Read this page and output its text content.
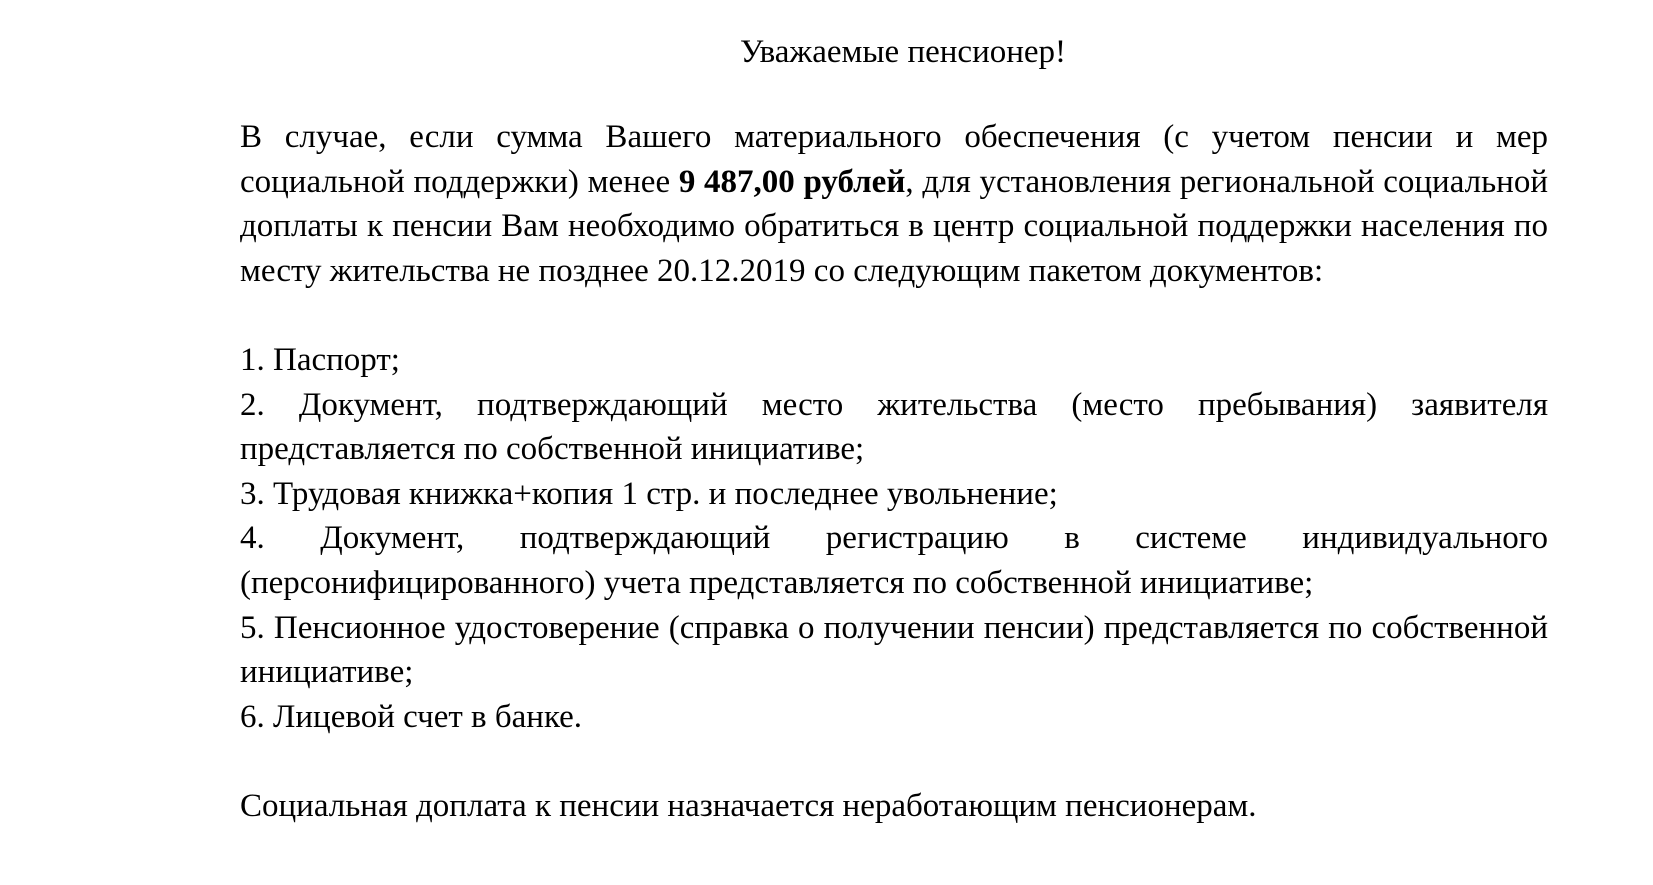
Уважаемые пенсионер!

В случае, если сумма Вашего материального обеспечения (с учетом пенсии и мер социальной поддержки) менее 9 487,00 рублей, для установления региональной социальной доплаты к пенсии Вам необходимо обратиться в центр социальной поддержки населения по месту жительства не позднее 20.12.2019 со следующим пакетом документов:

1. Паспорт;
2. Документ, подтверждающий место жительства (место пребывания) заявителя представляется по собственной инициативе;
3. Трудовая книжка+копия 1 стр. и последнее увольнение;
4. Документ, подтверждающий регистрацию в системе индивидуального (персонифицированного) учета представляется по собственной инициативе;
5. Пенсионное удостоверение (справка о получении пенсии) представляется по собственной инициативе;
6. Лицевой счет в банке.

Социальная доплата к пенсии назначается неработающим пенсионерам.
